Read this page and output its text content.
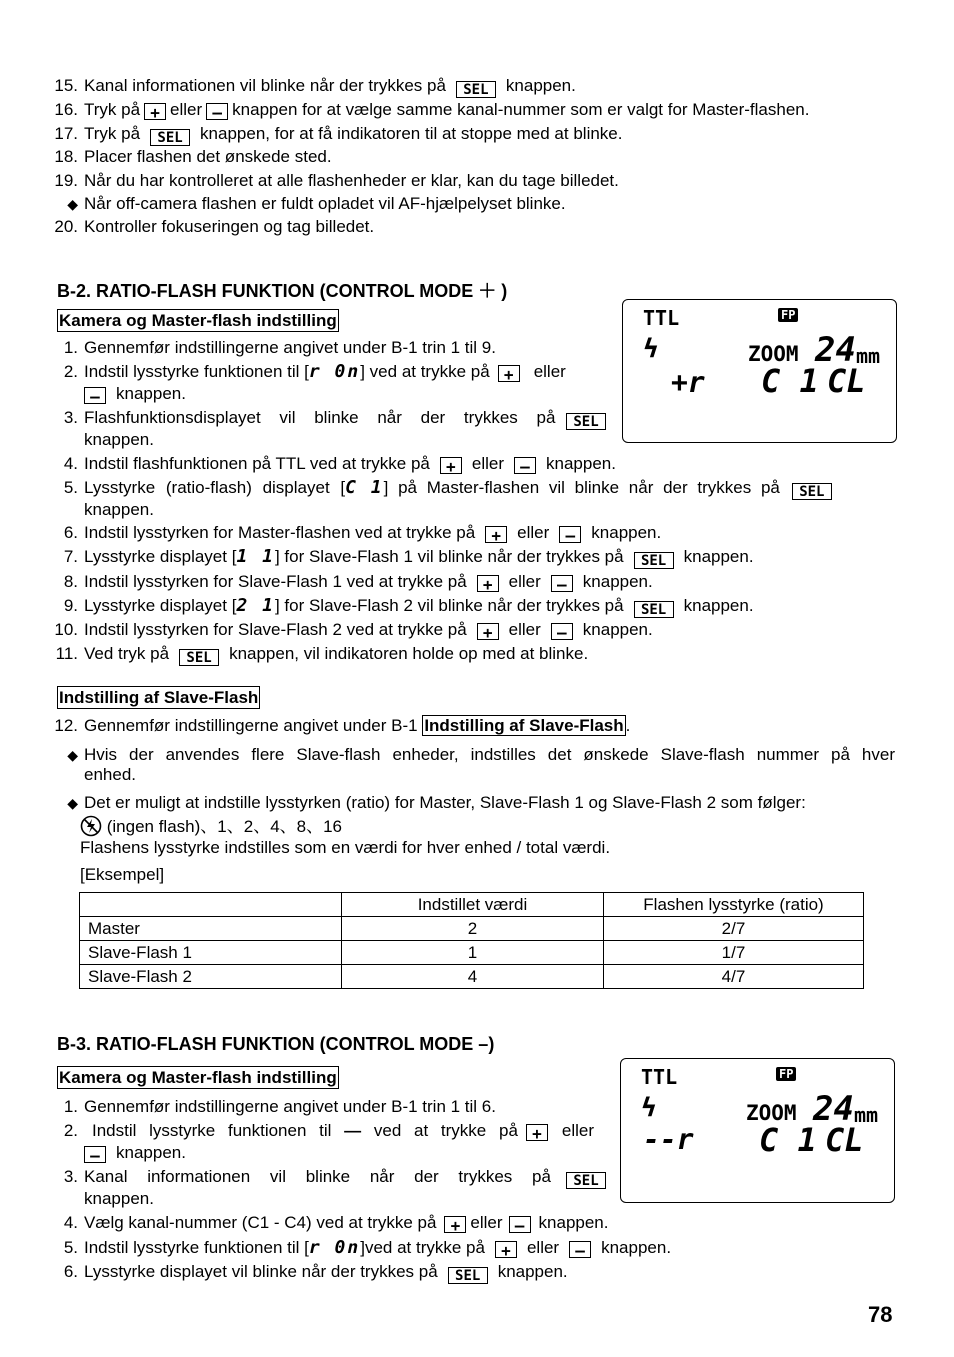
15. Kanal informationen vil blinke når der trykkes på SEL knappen.
16. Tryk på + eller – knappen for at vælge samme kanal-nummer som er valgt for Master-flashen.
17. Tryk på SEL knappen, for at få indikatoren til at stoppe med at blinke.
18. Placer flashen det ønskede sted.
19. Når du har kontrolleret at alle flashenheder er klar, kan du tage billedet.
◆ Når off-camera flashen er fuldt opladet vil AF-hjælpelyset blinke.
20. Kontroller fokuseringen og tag billedet.
B-2. RATIO-FLASH FUNKTION (CONTROL MODE ＋ )
Kamera og Master-flash indstilling	TTL	FP
ϟ	ZOOM 24 mm
+r C 1 CL
1. Gennemfør indstillingerne angivet under B-1 trin 1 til 9.
2. Indstil lysstyrke funktionen til [r 0n] ved at trykke på + eller
– knappen.
3. Flashfunktionsdisplayet vil blinke når der trykkes på SEL
knappen.
4. Indstil flashfunktionen på TTL ved at trykke på + eller – knappen.
5. Lysstyrke (ratio-flash) displayet [C 1] på Master-flashen vil blinke når der trykkes på SEL
knappen.
6. Indstil lysstyrken for Master-flashen ved at trykke på + eller – knappen.
7. Lysstyrke displayet [1 1] for Slave-Flash 1 vil blinke når der trykkes på SEL knappen.
8. Indstil lysstyrken for Slave-Flash 1 ved at trykke på + eller – knappen.
9. Lysstyrke displayet [2 1] for Slave-Flash 2 vil blinke når der trykkes på SEL knappen.
10. Indstil lysstyrken for Slave-Flash 2 ved at trykke på + eller – knappen.
11. Ved tryk på SEL knappen, vil indikatoren holde op med at blinke.
Indstilling af Slave-Flash
12. Gennemfør indstillingerne angivet under B-1 Indstilling af Slave-Flash .
◆ Hvis der anvendes flere Slave-flash enheder, indstilles det ønskede Slave-flash nummer på hver
enhed.
◆ Det er muligt at indstille lysstyrken (ratio) for Master, Slave-Flash 1 og Slave-Flash 2 som følger:
(ingen flash)、1、2、4、8、16
Flashens lysstyrke indstilles som en værdi for hver enhed / total værdi.
[Eksempel]
	Indstillet værdi	Flashen lysstyrke (ratio)
Master	2	2/7
Slave-Flash 1	1	1/7
Slave-Flash 2	4	4/7
B-3. RATIO-FLASH FUNKTION (CONTROL MODE –)
Kamera og Master-flash indstilling	TTL	FP
ϟ	ZOOM 24 mm
--r C 1 CL
1. Gennemfør indstillingerne angivet under B-1 trin 1 til 6.
2. Indstil lysstyrke funktionen til — ved at trykke på + eller
– knappen.
3. Kanal informationen vil blinke når der trykkes på SEL
knappen.
4. Vælg kanal-nummer (C1 - C4) ved at trykke på + eller – knappen.
5. Indstil lysstyrke funktionen til [r 0n]ved at trykke på + eller – knappen.
6. Lysstyrke displayet vil blinke når der trykkes på SEL knappen.
78
